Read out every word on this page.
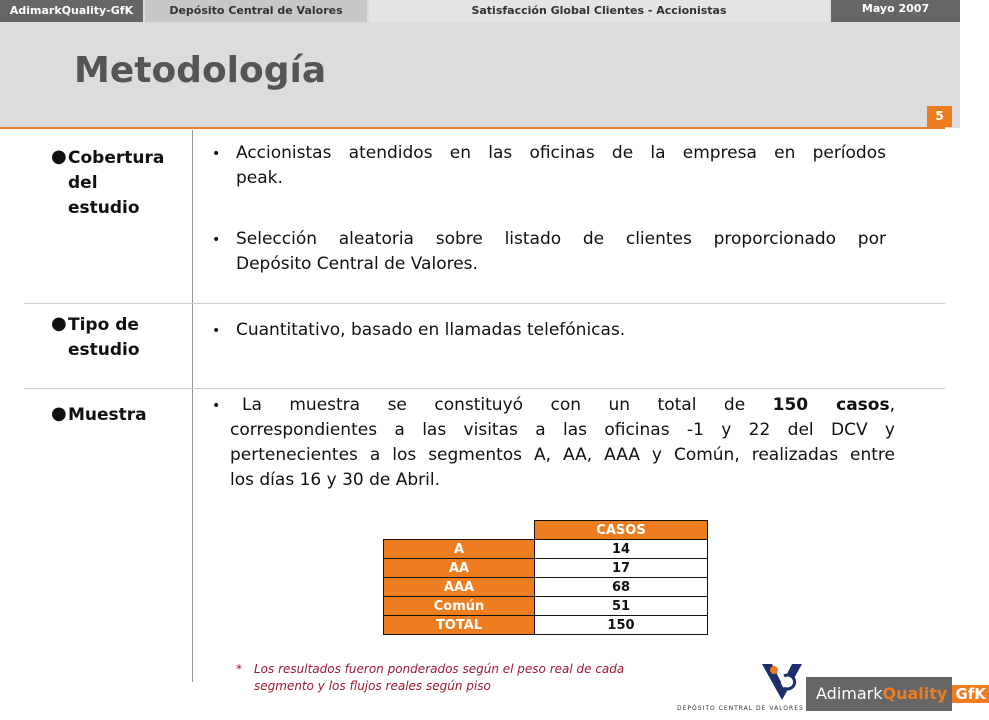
AdimarkQuality-GfK	Depósito Central de Valores	Satisfacción Global Clientes - Accionistas	Mayo 2007
Metodología
5
● Cobertura
del
estudio
• Accionistas atendidos en las oficinas de la empresa en períodos
peak.
• Selección aleatoria sobre listado de clientes proporcionado por
Depósito Central de Valores.
● Tipo de
estudio
• Cuantitativo, basado en llamadas telefónicas.
● Muestra	•	La muestra se constituyó con un total de 150 casos,
correspondientes a las visitas a las oficinas -1 y 22 del DCV y
pertenecientes a los segmentos A, AA, AAA y Común, realizadas entre
los días 16 y 30 de Abril.
	CASOS
A	14
AA	17
AAA	68
Común	51
TOTAL	150
* Los resultados fueron ponderados según el peso real de cada
segmento y los flujos reales según piso
DEPÓSITO CENTRAL DE VALORES
AdimarkQuality GfK
